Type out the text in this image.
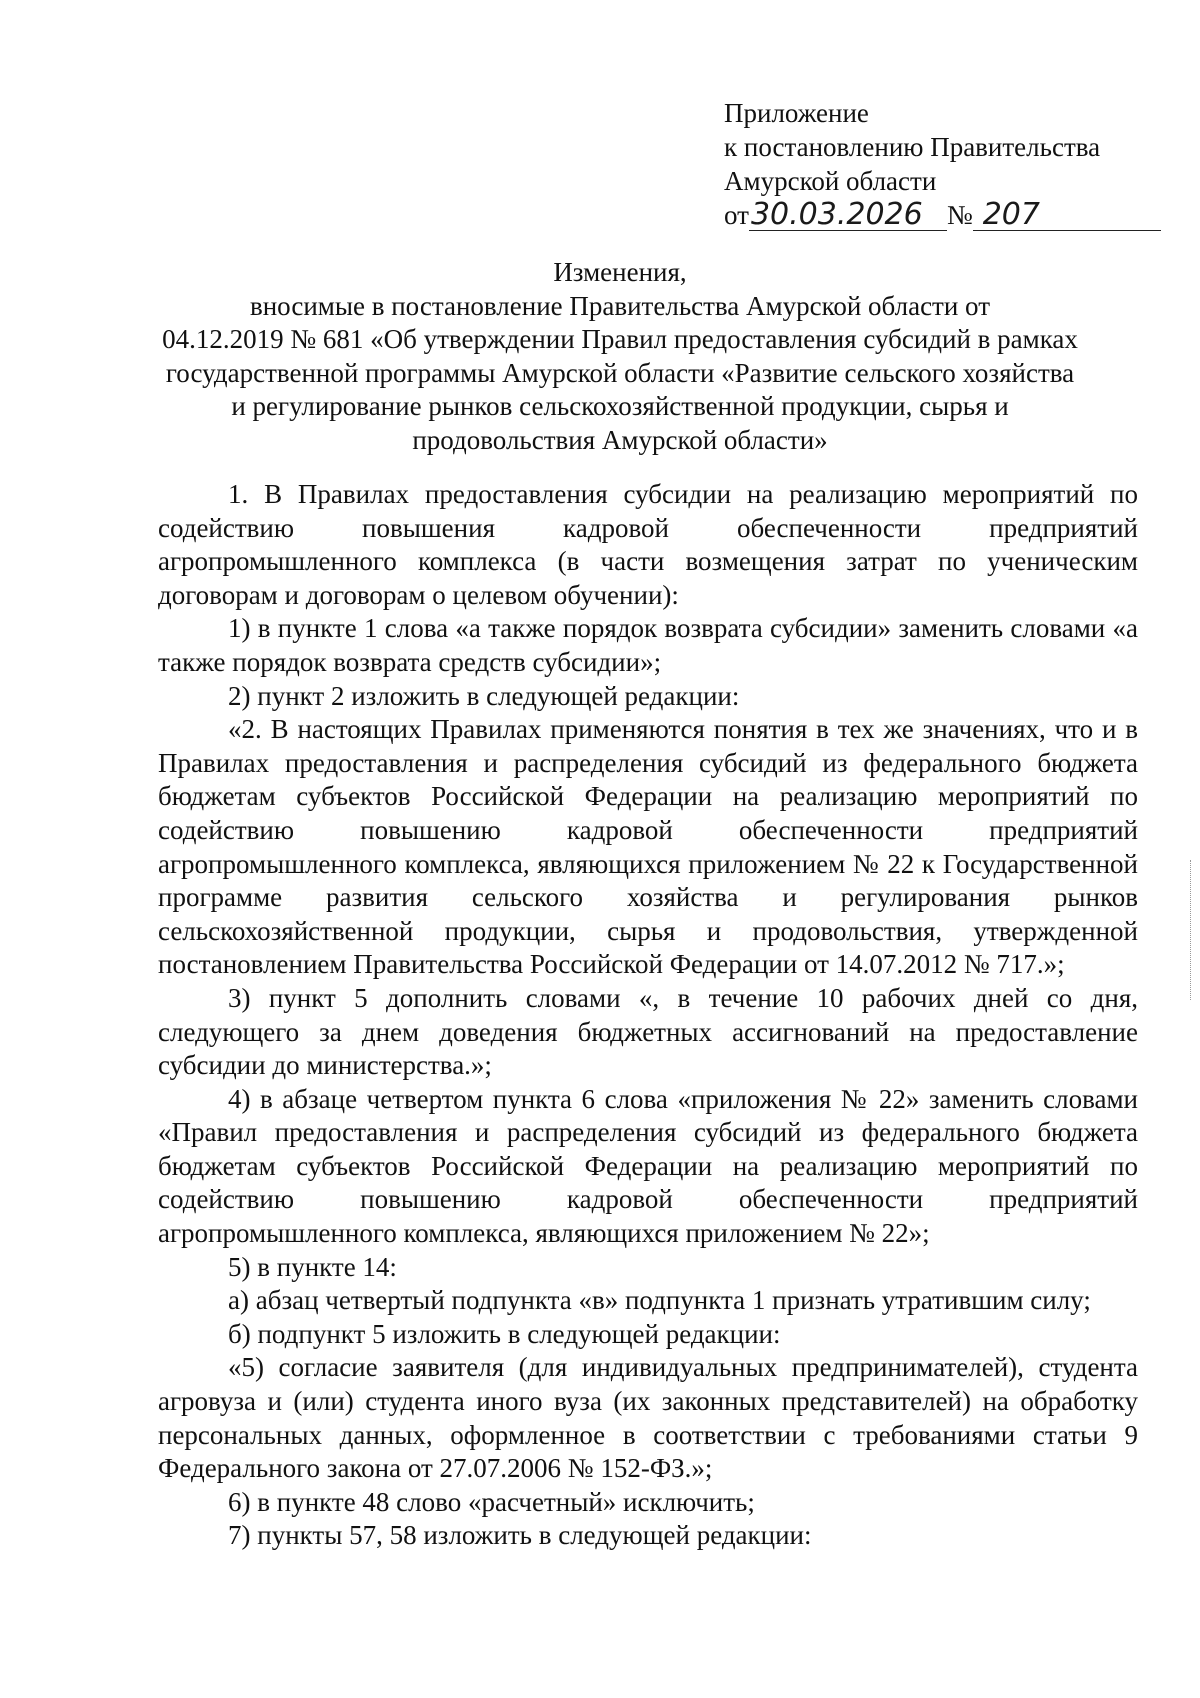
Приложение
к постановлению Правительства
Амурской области
от 30.03.2026 № 207
Изменения,
вносимые в постановление Правительства Амурской области от
04.12.2019 № 681 «Об утверждении Правил предоставления субсидий в рамках
государственной программы Амурской области «Развитие сельского хозяйства
и регулирование рынков сельскохозяйственной продукции, сырья и
продовольствия Амурской области»

1. В Правилах предоставления субсидии на реализацию мероприятий по содействию повышения кадровой обеспеченности предприятий агропромышленного комплекса (в части возмещения затрат по ученическим договорам и договорам о целевом обучении):

1) в пункте 1 слова «а также порядок возврата субсидии» заменить словами «а также порядок возврата средств субсидии»;

2) пункт 2 изложить в следующей редакции:

«2. В настоящих Правилах применяются понятия в тех же значениях, что и в Правилах предоставления и распределения субсидий из федерального бюджета бюджетам субъектов Российской Федерации на реализацию мероприятий по содействию повышению кадровой обеспеченности предприятий агропромышленного комплекса, являющихся приложением № 22 к Государственной программе развития сельского хозяйства и регулирования рынков сельскохозяйственной продукции, сырья и продовольствия, утвержденной постановлением Правительства Российской Федерации от 14.07.2012 № 717.»;

3) пункт 5 дополнить словами «, в течение 10 рабочих дней со дня, следующего за днем доведения бюджетных ассигнований на предоставление субсидии до министерства.»;

4) в абзаце четвертом пункта 6 слова «приложения № 22» заменить словами «Правил предоставления и распределения субсидий из федерального бюджета бюджетам субъектов Российской Федерации на реализацию мероприятий по содействию повышению кадровой обеспеченности предприятий агропромышленного комплекса, являющихся приложением № 22»;

5) в пункте 14:

а) абзац четвертый подпункта «в» подпункта 1 признать утратившим силу;

б) подпункт 5 изложить в следующей редакции:

«5) согласие заявителя (для индивидуальных предпринимателей), студента агровуза и (или) студента иного вуза (их законных представителей) на обработку персональных данных, оформленное в соответствии с требованиями статьи 9 Федерального закона от 27.07.2006 № 152-ФЗ.»;

6) в пункте 48 слово «расчетный» исключить;

7) пункты 57, 58 изложить в следующей редакции:
